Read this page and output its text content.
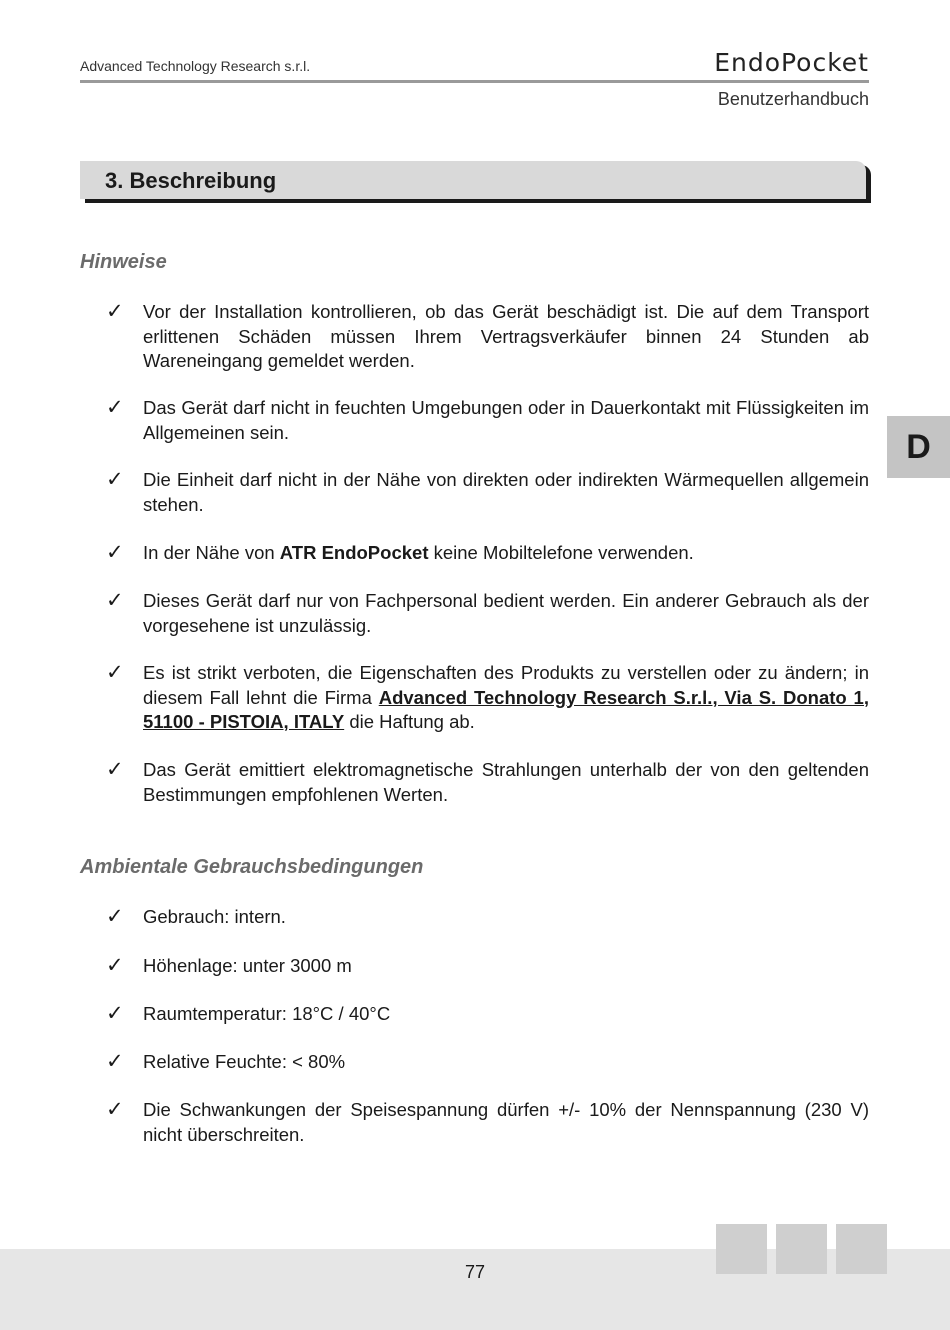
Advanced Technology Research s.r.l.	EndoPocket
Benutzerhandbuch
3. Beschreibung
D
Hinweise
✓ Vor der Installation kontrollieren, ob das Gerät beschädigt ist. Die auf dem Transport erlittenen Schäden müssen Ihrem Vertragsverkäufer binnen 24 Stunden ab Wareneingang gemeldet werden.
✓ Das Gerät darf nicht in feuchten Umgebungen oder in Dauerkontakt mit Flüssigkeiten im Allgemeinen sein.
✓ Die Einheit darf nicht in der Nähe von direkten oder indirekten Wärmequellen allgemein stehen.
✓ In der Nähe von ATR EndoPocket keine Mobiltelefone verwenden.
✓ Dieses Gerät darf nur von Fachpersonal bedient werden. Ein anderer Gebrauch als der vorgesehene ist unzulässig.
✓ Es ist strikt verboten, die Eigenschaften des Produkts zu verstellen oder zu ändern; in diesem Fall lehnt die Firma Advanced Technology Research S.r.l., Via S. Donato 1, 51100 - PISTOIA, ITALY die Haftung ab.
✓ Das Gerät emittiert elektromagnetische Strahlungen unterhalb der von den geltenden Bestimmungen empfohlenen Werten.
Ambientale Gebrauchsbedingungen
✓ Gebrauch: intern.
✓ Höhenlage: unter 3000 m
✓ Raumtemperatur: 18°C / 40°C
✓ Relative Feuchte: < 80%
✓ Die Schwankungen der Speisespannung dürfen +/- 10% der Nennspannung (230 V) nicht überschreiten.
77
